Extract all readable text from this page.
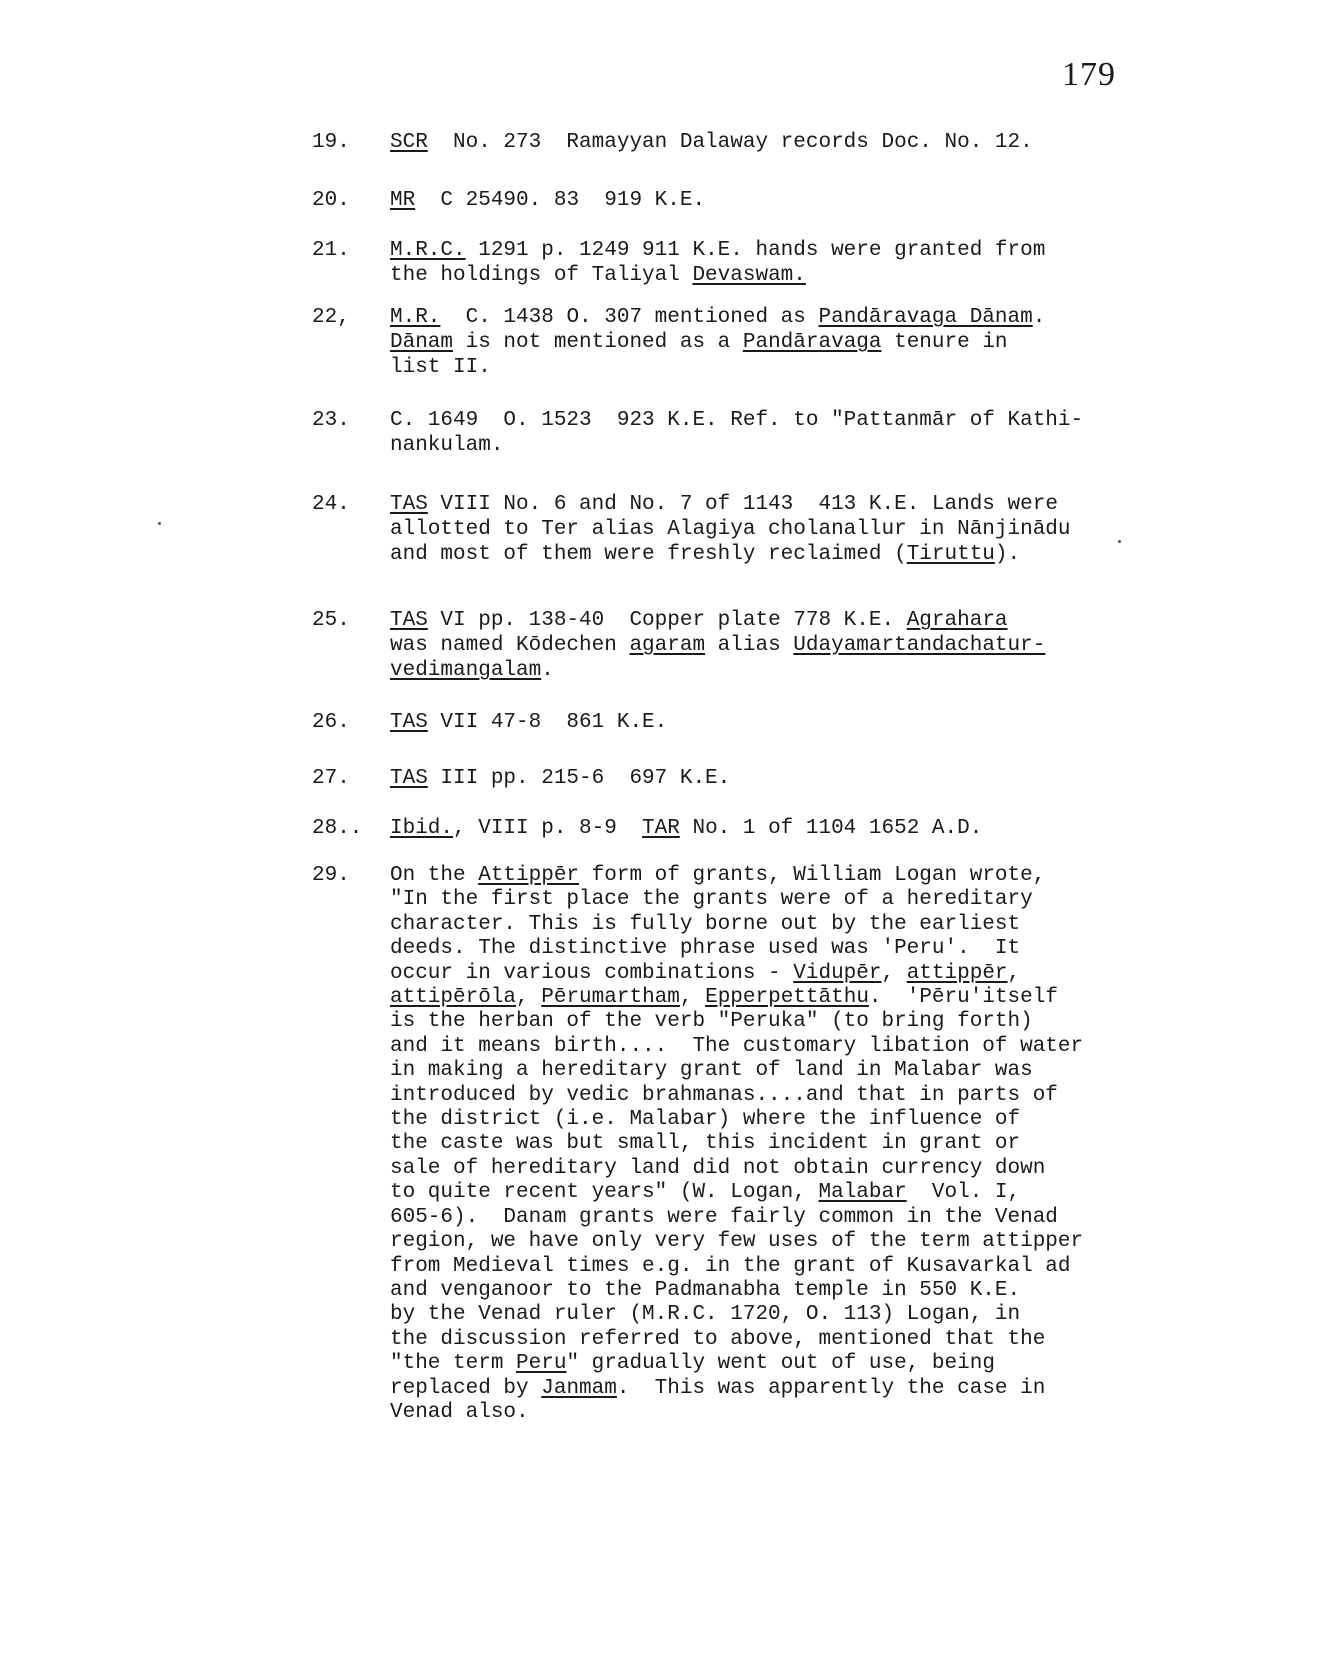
179
19.	SCR  No. 273  Ramayyan Dalaway records Doc. No. 12.
20.	MR  C 25490. 83  919 K.E.
21.	M.R.C. 1291 p. 1249 911 K.E. hands were granted from
the holdings of Taliyal Devaswam.
22,	M.R.  C. 1438 O. 307 mentioned as Pandāravaga Dānam.
Dānam is not mentioned as a Pandāravaga tenure in
list II.
23.	C. 1649  O. 1523  923 K.E. Ref. to "Pattanmār of Kathi-
nankulam.
24.	TAS VIII No. 6 and No. 7 of 1143  413 K.E. Lands were
allotted to Ter alias Alagiya cholanallur in Nānjinādu
and most of them were freshly reclaimed (Tiruttu).
25.	TAS VI pp. 138-40  Copper plate 778 K.E. Agrahara
was named Kōdechen agaram alias Udayamartandachatur-
vedimangalam.
26.	TAS VII 47-8  861 K.E.
27.	TAS III pp. 215-6  697 K.E.
28..	Ibid., VIII p. 8-9  TAR No. 1 of 1104 1652 A.D.
29.	On the Attippēr form of grants, William Logan wrote,
"In the first place the grants were of a hereditary
character. This is fully borne out by the earliest
deeds. The distinctive phrase used was 'Peru'.  It
occur in various combinations - Vidupēr, attippēr,
attipērōla, Pērumartham, Epperpettāthu.  'Pēru'itself
is the herban of the verb "Peruka" (to bring forth)
and it means birth....  The customary libation of water
in making a hereditary grant of land in Malabar was
introduced by vedic brahmanas....and that in parts of
the district (i.e. Malabar) where the influence of
the caste was but small, this incident in grant or
sale of hereditary land did not obtain currency down
to quite recent years" (W. Logan, Malabar  Vol. I,
605-6).  Danam grants were fairly common in the Venad
region, we have only very few uses of the term attipper
from Medieval times e.g. in the grant of Kusavarkal ad
and venganoor to the Padmanabha temple in 550 K.E.
by the Venad ruler (M.R.C. 1720, O. 113) Logan, in
the discussion referred to above, mentioned that the
"the term Peru" gradually went out of use, being
replaced by Janmam.  This was apparently the case in
Venad also.
